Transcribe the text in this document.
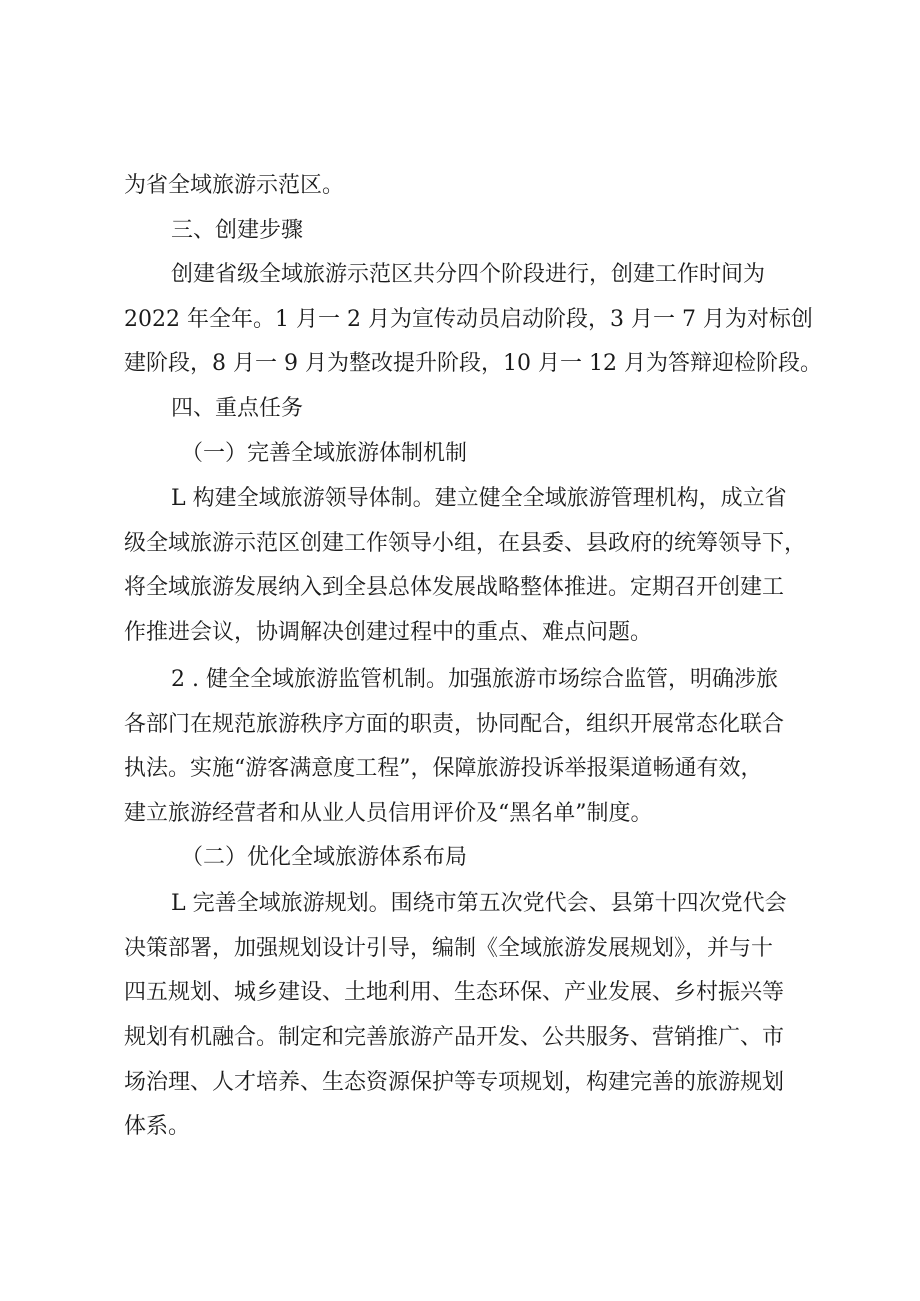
为省全域旅游示范区。
三、创建步骤
创建省级全域旅游示范区共分四个阶段进行，创建工作时间为
2022 年全年。1 月一 2 月为宣传动员启动阶段，3 月一 7 月为对标创
建阶段，8 月一 9 月为整改提升阶段，10 月一 12 月为答辩迎检阶段。
四、重点任务
（一）完善全域旅游体制机制
L 构建全域旅游领导体制。建立健全全域旅游管理机构，成立省
级全域旅游示范区创建工作领导小组，在县委、县政府的统筹领导下，
将全域旅游发展纳入到全县总体发展战略整体推进。定期召开创建工
作推进会议，协调解决创建过程中的重点、难点问题。
2 . 健全全域旅游监管机制。加强旅游市场综合监管，明确涉旅
各部门在规范旅游秩序方面的职责，协同配合，组织开展常态化联合
执法。实施“游客满意度工程”，保障旅游投诉举报渠道畅通有效，
建立旅游经营者和从业人员信用评价及“黑名单”制度。
（二）优化全域旅游体系布局
L 完善全域旅游规划。围绕市第五次党代会、县第十四次党代会
决策部署，加强规划设计引导，编制《全域旅游发展规划》，并与十
四五规划、城乡建设、土地利用、生态环保、产业发展、乡村振兴等
规划有机融合。制定和完善旅游产品开发、公共服务、营销推广、市
场治理、人才培养、生态资源保护等专项规划，构建完善的旅游规划
体系。
